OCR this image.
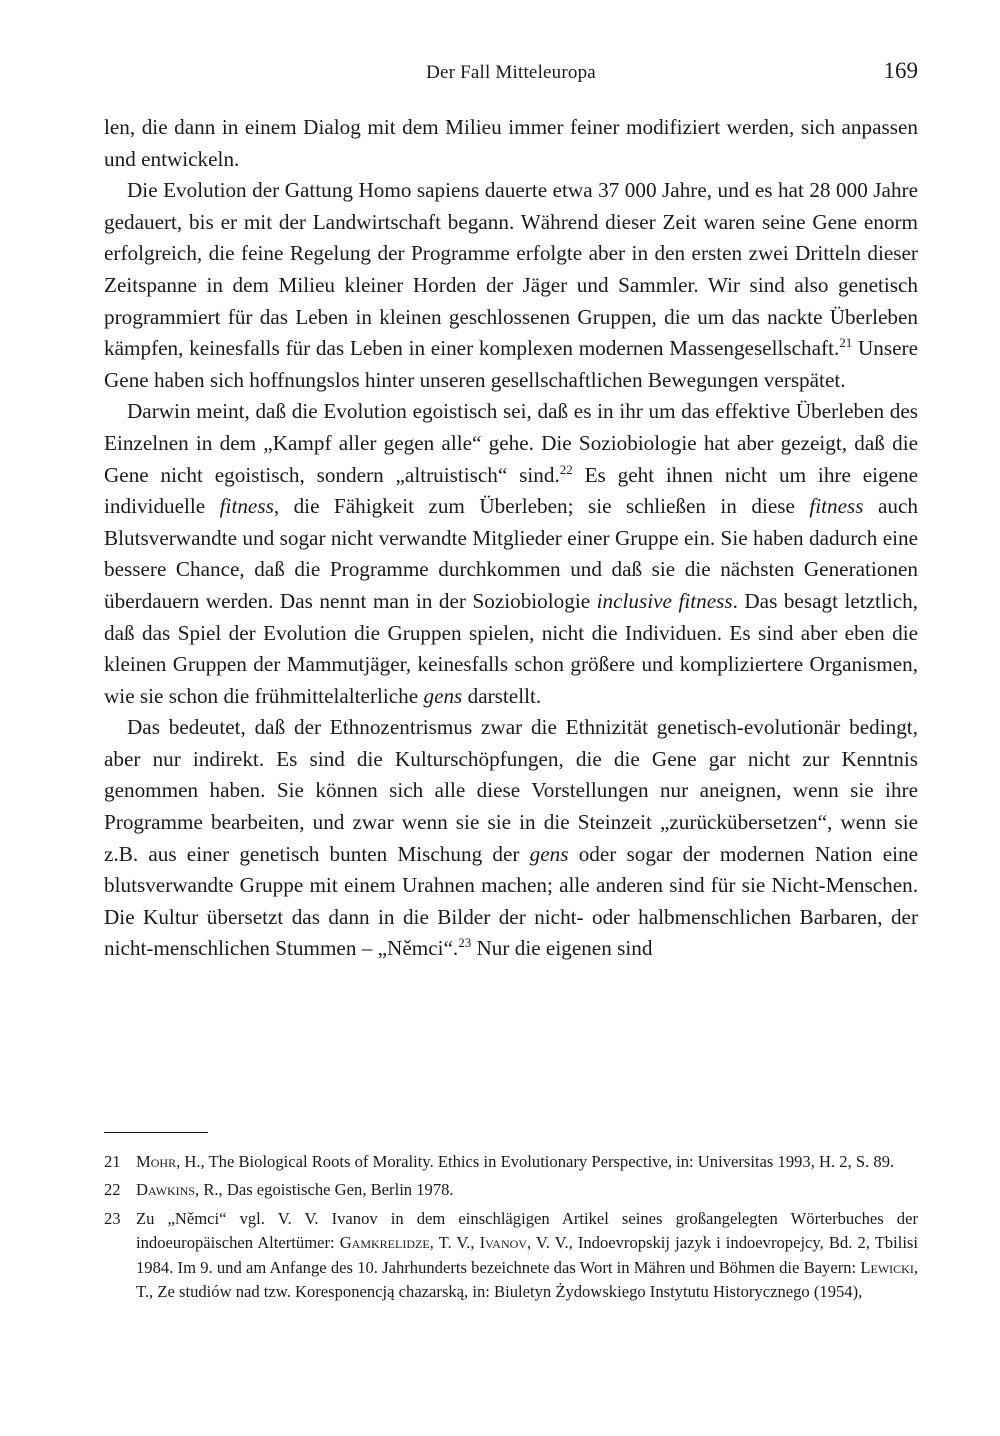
Der Fall Mitteleuropa	169

len, die dann in einem Dialog mit dem Milieu immer feiner modifiziert werden, sich anpassen und entwickeln.

Die Evolution der Gattung Homo sapiens dauerte etwa 37 000 Jahre, und es hat 28 000 Jahre gedauert, bis er mit der Landwirtschaft begann. Während dieser Zeit waren seine Gene enorm erfolgreich, die feine Regelung der Programme erfolgte aber in den ersten zwei Dritteln dieser Zeitspanne in dem Milieu kleiner Horden der Jäger und Sammler. Wir sind also genetisch programmiert für das Leben in kleinen geschlossenen Gruppen, die um das nackte Überleben kämpfen, keinesfalls für das Leben in einer komplexen modernen Massengesellschaft.$^{21}$ Unsere Gene haben sich hoffnungslos hinter unseren gesellschaftlichen Bewegungen verspätet.

Darwin meint, daß die Evolution egoistisch sei, daß es in ihr um das effektive Überleben des Einzelnen in dem „Kampf aller gegen alle“ gehe. Die Soziobiologie hat aber gezeigt, daß die Gene nicht egoistisch, sondern „altruistisch“ sind.$^{22}$ Es geht ihnen nicht um ihre eigene individuelle fitness, die Fähigkeit zum Überleben; sie schließen in diese fitness auch Blutsverwandte und sogar nicht verwandte Mitglieder einer Gruppe ein. Sie haben dadurch eine bessere Chance, daß die Programme durchkommen und daß sie die nächsten Generationen überdauern werden. Das nennt man in der Soziobiologie inclusive fitness. Das besagt letztlich, daß das Spiel der Evolution die Gruppen spielen, nicht die Individuen. Es sind aber eben die kleinen Gruppen der Mammutjäger, keinesfalls schon größere und kompliziertere Organismen, wie sie schon die frühmittelalterliche gens darstellt.

Das bedeutet, daß der Ethnozentrismus zwar die Ethnizität genetisch-evolutionär bedingt, aber nur indirekt. Es sind die Kulturschöpfungen, die die Gene gar nicht zur Kenntnis genommen haben. Sie können sich alle diese Vorstellungen nur aneignen, wenn sie ihre Programme bearbeiten, und zwar wenn sie sie in die Steinzeit „zurückübersetzen“, wenn sie z.B. aus einer genetisch bunten Mischung der gens oder sogar der modernen Nation eine blutsverwandte Gruppe mit einem Urahnen machen; alle anderen sind für sie Nicht-Menschen. Die Kultur übersetzt das dann in die Bilder der nicht- oder halbmenschlichen Barbaren, der nicht-menschlichen Stummen – „Němci“.$^{23}$ Nur die eigenen sind

21 Mohr, H., The Biological Roots of Morality. Ethics in Evolutionary Perspective, in: Universitas 1993, H. 2, S. 89.
22 Dawkins, R., Das egoistische Gen, Berlin 1978.
23 Zu „Němci“ vgl. V. V. Ivanov in dem einschlägigen Artikel seines großangelegten Wörterbuches der indoeuropäischen Altertümer: Gamkrelidze, T. V., Ivanov, V. V., Indoevropskij jazyk i indoevropejcy, Bd. 2, Tbilisi 1984. Im 9. und am Anfange des 10. Jahrhunderts bezeichnete das Wort in Mähren und Böhmen die Bayern: Lewicki, T., Ze studiów nad tzw. Koresponencją chazarską, in: Biuletyn Żydowskiego Instytutu Historycznego (1954),
